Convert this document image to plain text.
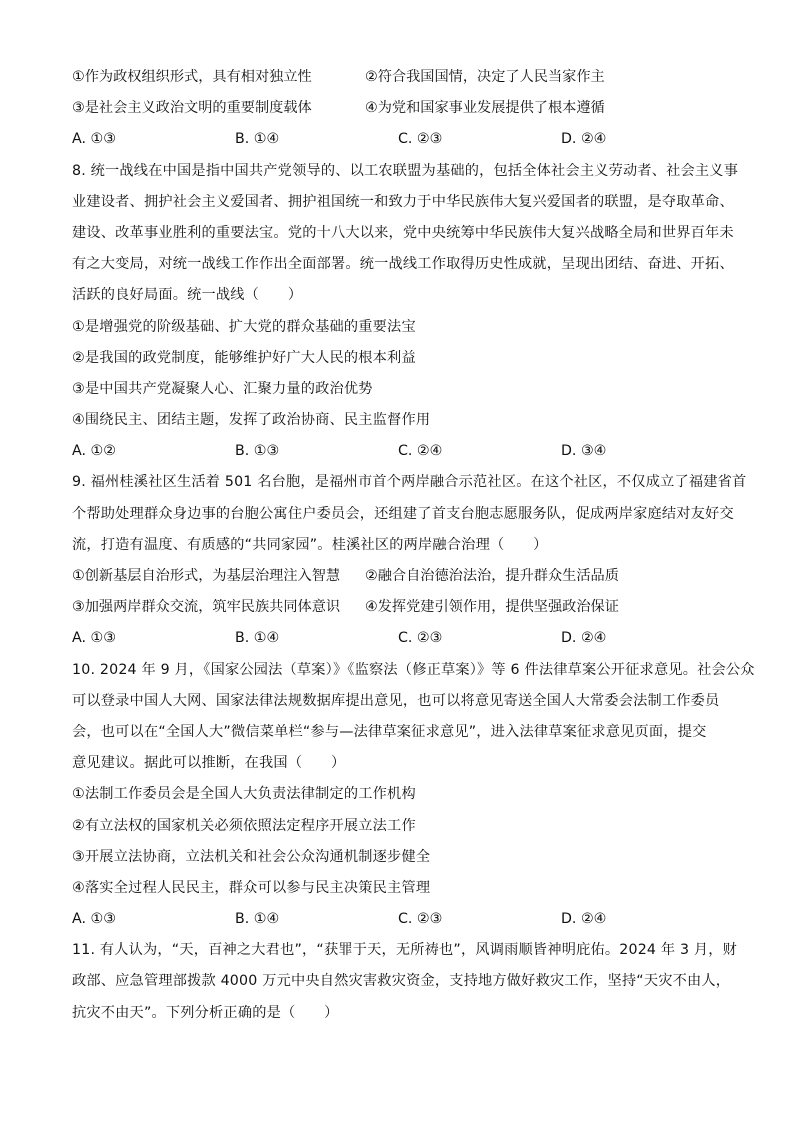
①作为政权组织形式，具有相对独立性	②符合我国国情，决定了人民当家作主
③是社会主义政治文明的重要制度载体	④为党和国家事业发展提供了根本遵循
A. ①③	B. ①④	C. ②③	D. ②④
8. 统一战线在中国是指中国共产党领导的、以工农联盟为基础的，包括全体社会主义劳动者、社会主义事
业建设者、拥护社会主义爱国者、拥护祖国统一和致力于中华民族伟大复兴爱国者的联盟，是夺取革命、
建设、改革事业胜利的重要法宝。党的十八大以来，党中央统筹中华民族伟大复兴战略全局和世界百年未
有之大变局，对统一战线工作作出全面部署。统一战线工作取得历史性成就，呈现出团结、奋进、开拓、
活跃的良好局面。统一战线（　　）
①是增强党的阶级基础、扩大党的群众基础的重要法宝
②是我国的政党制度，能够维护好广大人民的根本利益
③是中国共产党凝聚人心、汇聚力量的政治优势
④围绕民主、团结主题，发挥了政治协商、民主监督作用
A. ①②	B. ①③	C. ②④	D. ③④
9. 福州桂溪社区生活着 501 名台胞，是福州市首个两岸融合示范社区。在这个社区，不仅成立了福建省首
个帮助处理群众身边事的台胞公寓住户委员会，还组建了首支台胞志愿服务队，促成两岸家庭结对友好交
流，打造有温度、有质感的“共同家园”。桂溪社区的两岸融合治理（　　）
①创新基层自治形式，为基层治理注入智慧	②融合自治德治法治，提升群众生活品质
③加强两岸群众交流，筑牢民族共同体意识	④发挥党建引领作用，提供坚强政治保证
A. ①③	B. ①④	C. ②③	D. ②④
10. 2024 年 9 月，《国家公园法（草案）》《监察法（修正草案）》等 6 件法律草案公开征求意见。社会公众
可以登录中国人大网、国家法律法规数据库提出意见，也可以将意见寄送全国人大常委会法制工作委员
会，也可以在“全国人大”微信菜单栏“参与—法律草案征求意见”，进入法律草案征求意见页面，提交
意见建议。据此可以推断，在我国（　　）
①法制工作委员会是全国人大负责法律制定的工作机构
②有立法权的国家机关必须依照法定程序开展立法工作
③开展立法协商，立法机关和社会公众沟通机制逐步健全
④落实全过程人民民主，群众可以参与民主决策民主管理
A. ①③	B. ①④	C. ②③	D. ②④
11. 有人认为，“天，百神之大君也”，“获罪于天，无所祷也”，风调雨顺皆神明庇佑。2024 年 3 月，财
政部、应急管理部拨款 4000 万元中央自然灾害救灾资金，支持地方做好救灾工作，坚持“天灾不由人，
抗灾不由天”。下列分析正确的是（　　）
